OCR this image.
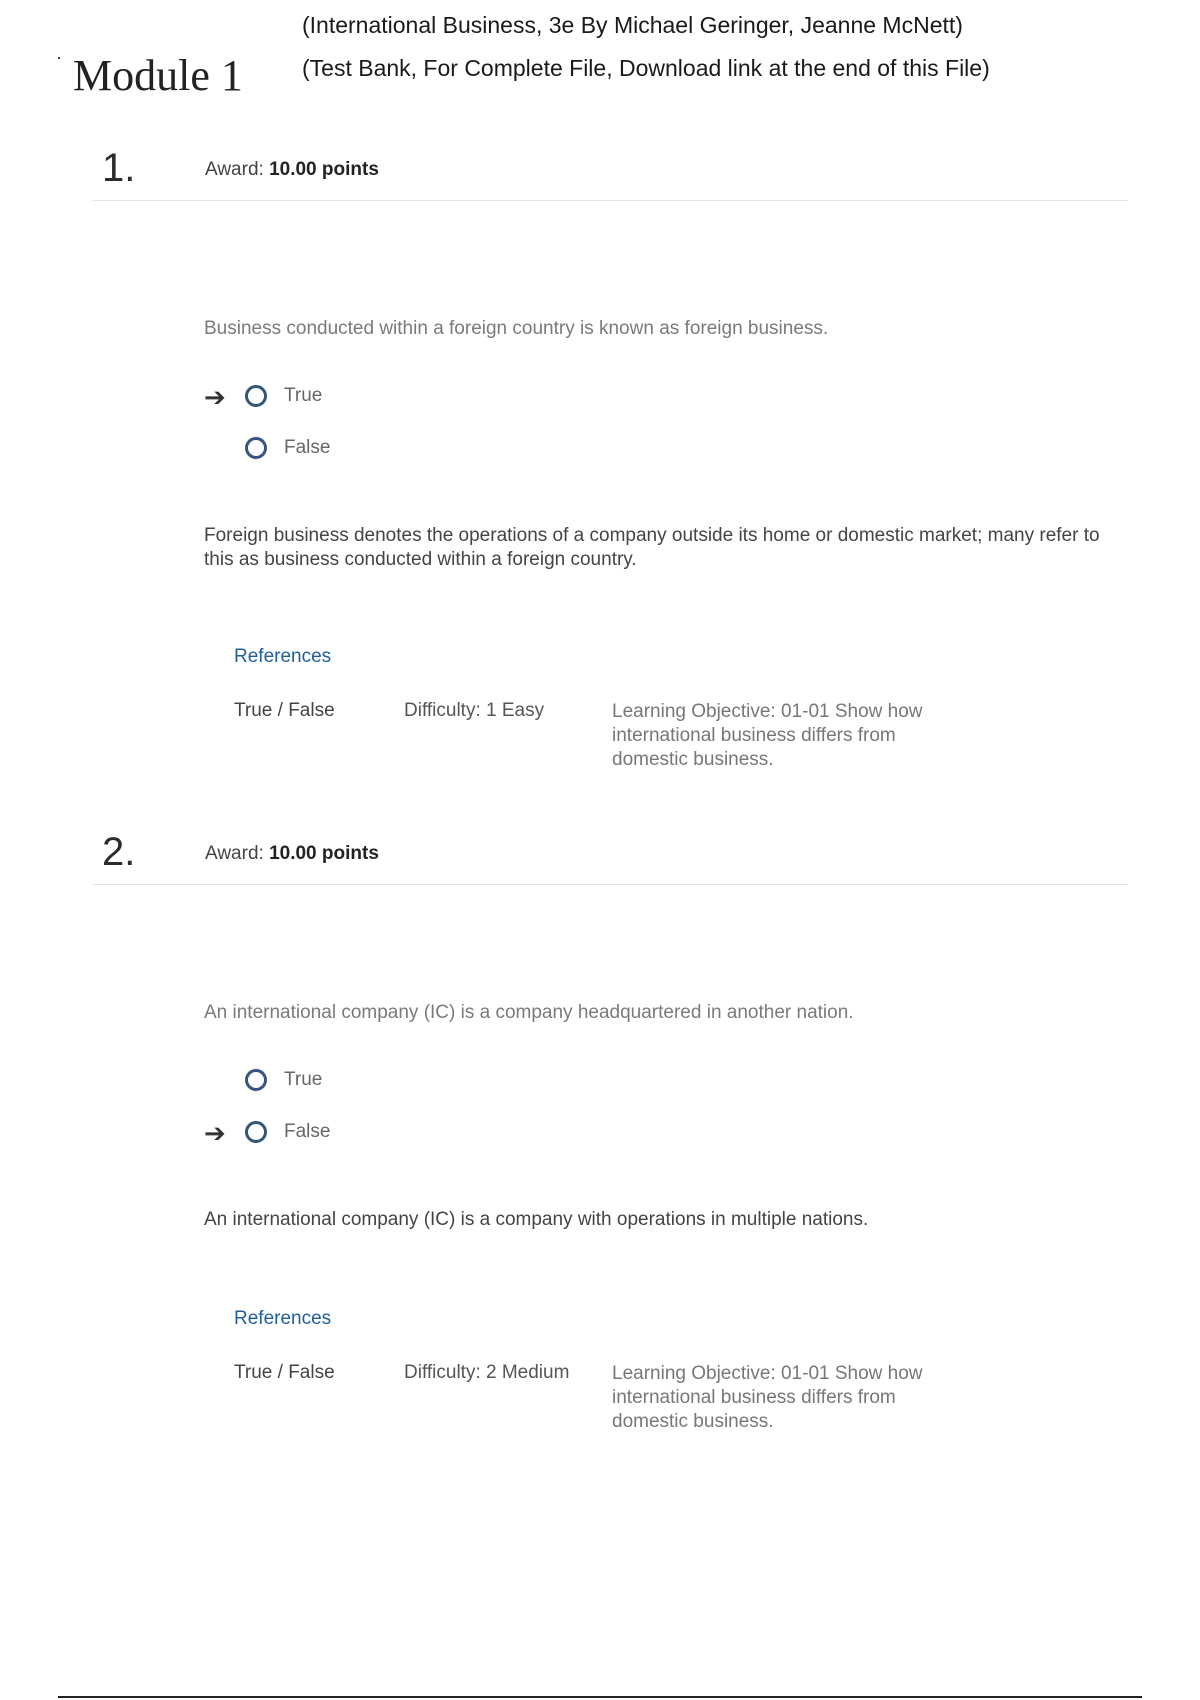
Module 1
(International Business, 3e By Michael Geringer, Jeanne McNett)
(Test Bank, For Complete File, Download link at the end of this File)
1.	Award: 10.00 points
Business conducted within a foreign country is known as foreign business.
➔	True
False
Foreign business denotes the operations of a company outside its home or domestic market; many refer to this as business conducted within a foreign country.
References
True / False	Difficulty: 1 Easy	Learning Objective: 01-01 Show how international business differs from domestic business.
2.	Award: 10.00 points
An international company (IC) is a company headquartered in another nation.
True
➔	False
An international company (IC) is a company with operations in multiple nations.
References
True / False	Difficulty: 2 Medium Learning Objective: 01-01 Show how international business differs from domestic business.
